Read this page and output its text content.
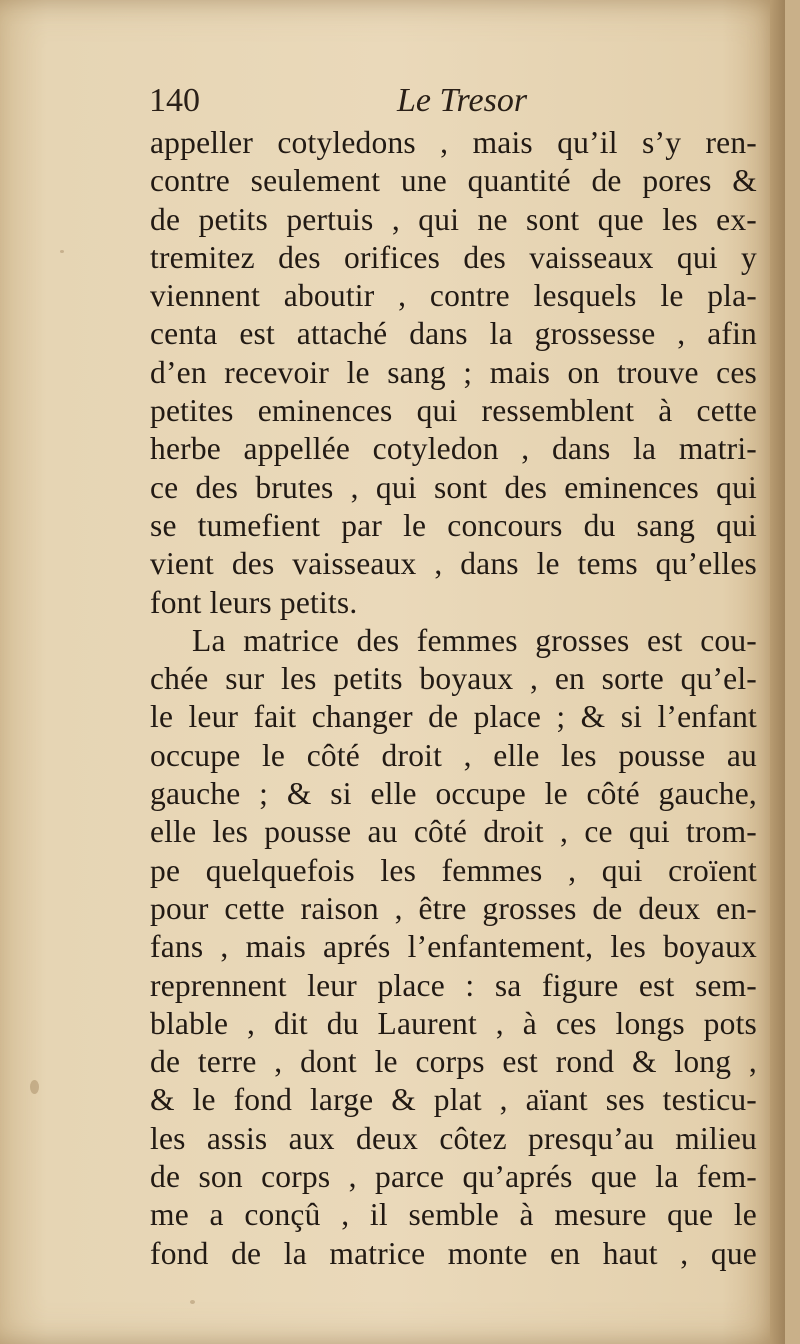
140	Le Tresor
appeller cotyledons , mais qu’il s’y ren-
contre seulement une quantité de pores &
de petits pertuis , qui ne sont que les ex-
tremitez des orifices des vaisseaux qui y
viennent aboutir , contre lesquels le pla-
centa est attaché dans la grossesse , afin
d’en recevoir le sang ; mais on trouve ces
petites eminences qui ressemblent à cette
herbe appellée cotyledon , dans la matri-
ce des brutes , qui sont des eminences qui
se tumefient par le concours du sang qui
vient des vaisseaux , dans le tems qu’elles
font leurs petits.
La matrice des femmes grosses est cou-
chée sur les petits boyaux , en sorte qu’el-
le leur fait changer de place ; & si l’enfant
occupe le côté droit , elle les pousse au
gauche ; & si elle occupe le côté gauche,
elle les pousse au côté droit , ce qui trom-
pe quelquefois les femmes , qui croïent
pour cette raison , être grosses de deux en-
fans , mais aprés l’enfantement, les boyaux
reprennent leur place : sa figure est sem-
blable , dit du Laurent , à ces longs pots
de terre , dont le corps est rond & long ,
& le fond large & plat , aïant ses testicu-
les assis aux deux côtez presqu’au milieu
de son corps , parce qu’aprés que la fem-
me a conçû , il semble à mesure que le
fond de la matrice monte en haut , que
